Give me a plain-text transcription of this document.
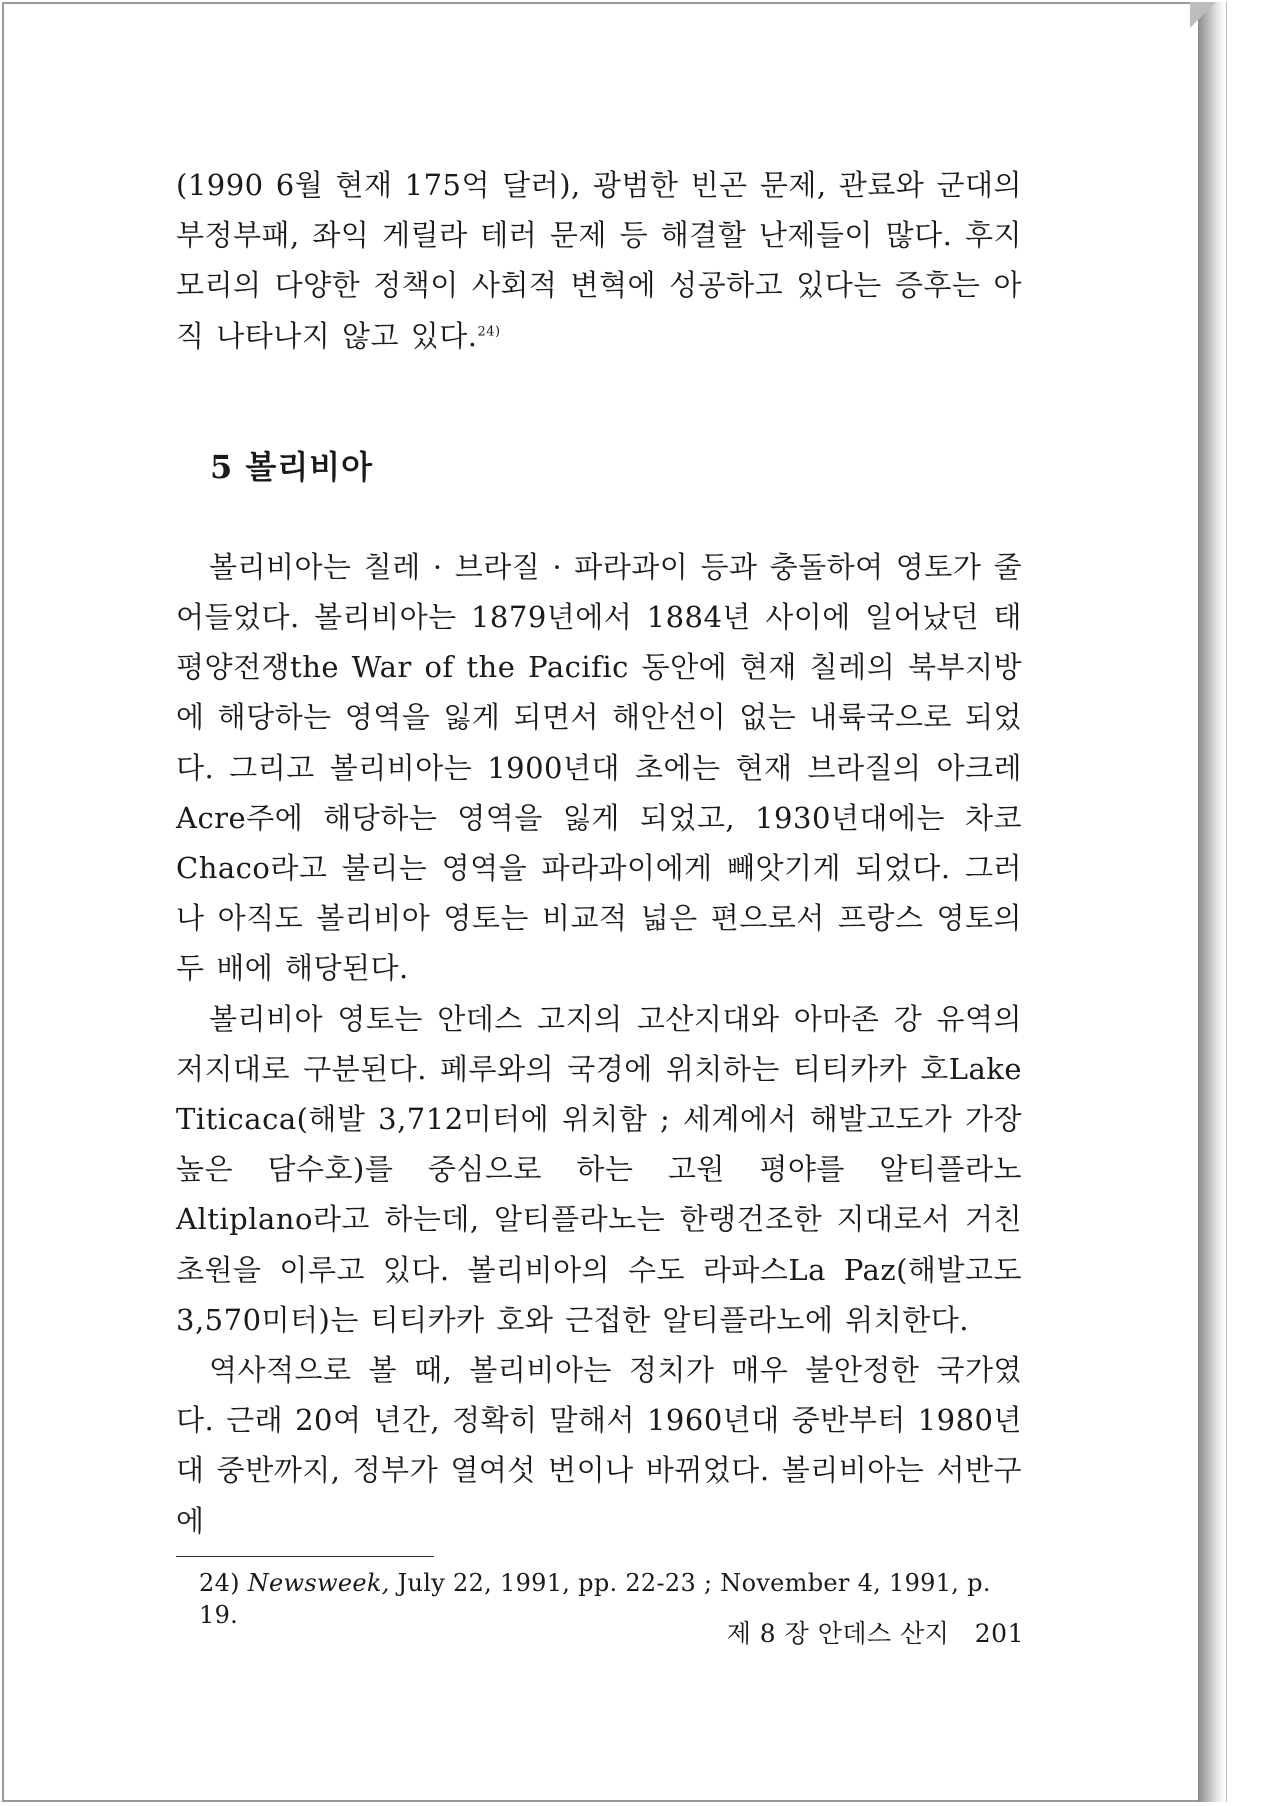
(1990 6월 현재 175억 달러), 광범한 빈곤 문제, 관료와 군대의 부정부패, 좌익 게릴라 테러 문제 등 해결할 난제들이 많다. 후지모리의 다양한 정책이 사회적 변혁에 성공하고 있다는 증후는 아직 나타나지 않고 있다.$^{24)}$

5 볼리비아

볼리비아는 칠레 · 브라질 · 파라과이 등과 충돌하여 영토가 줄어들었다. 볼리비아는 1879년에서 1884년 사이에 일어났던 태평양전쟁the War of the Pacific 동안에 현재 칠레의 북부지방에 해당하는 영역을 잃게 되면서 해안선이 없는 내륙국으로 되었다. 그리고 볼리비아는 1900년대 초에는 현재 브라질의 아크레Acre주에 해당하는 영역을 잃게 되었고, 1930년대에는 차코Chaco라고 불리는 영역을 파라과이에게 빼앗기게 되었다. 그러나 아직도 볼리비아 영토는 비교적 넓은 편으로서 프랑스 영토의 두 배에 해당된다.

볼리비아 영토는 안데스 고지의 고산지대와 아마존 강 유역의 저지대로 구분된다. 페루와의 국경에 위치하는 티티카카 호Lake Titicaca(해발 3,712미터에 위치함 ; 세계에서 해발고도가 가장 높은 담수호)를 중심으로 하는 고원 평야를 알티플라노Altiplano라고 하는데, 알티플라노는 한랭건조한 지대로서 거친 초원을 이루고 있다. 볼리비아의 수도 라파스La Paz(해발고도 3,570미터)는 티티카카 호와 근접한 알티플라노에 위치한다.

역사적으로 볼 때, 볼리비아는 정치가 매우 불안정한 국가였다. 근래 20여 년간, 정확히 말해서 1960년대 중반부터 1980년대 중반까지, 정부가 열여섯 번이나 바뀌었다. 볼리비아는 서반구에

24) Newsweek, July 22, 1991, pp. 22-23 ; November 4, 1991, p. 19.

제 8 장 안데스 산지 201
